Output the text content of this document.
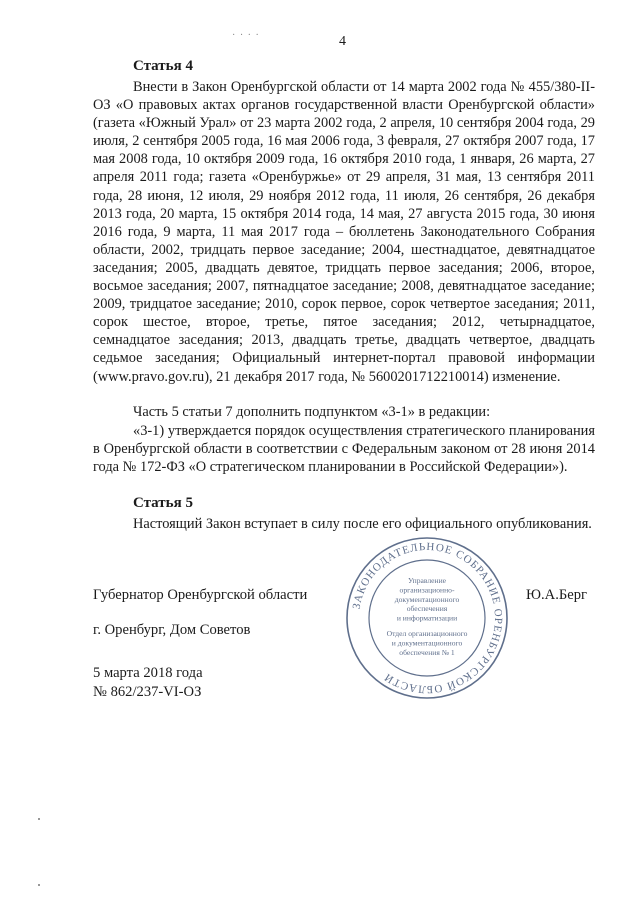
· · · ·	4
Статья 4

Внести в Закон Оренбургской области от 14 марта 2002 года № 455/380-II-ОЗ «О правовых актах органов государственной власти Оренбургской области» (газета «Южный Урал» от 23 марта 2002 года, 2 апреля, 10 сентября 2004 года, 29 июля, 2 сентября 2005 года, 16 мая 2006 года, 3 февраля, 27 октября 2007 года, 17 мая 2008 года, 10 октября 2009 года, 16 октября 2010 года, 1 января, 26 марта, 27 апреля 2011 года; газета «Оренбуржье» от 29 апреля, 31 мая, 13 сентября 2011 года, 28 июня, 12 июля, 29 ноября 2012 года, 11 июля, 26 сентября, 26 декабря 2013 года, 20 марта, 15 октября 2014 года, 14 мая, 27 августа 2015 года, 30 июня 2016 года, 9 марта, 11 мая 2017 года – бюллетень Законодательного Собрания области, 2002, тридцать первое заседание; 2004, шестнадцатое, девятнадцатое заседания; 2005, двадцать девятое, тридцать первое заседания; 2006, второе, восьмое заседания; 2007, пятнадцатое заседание; 2008, девятнадцатое заседание; 2009, тридцатое заседание; 2010, сорок первое, сорок четвертое заседания; 2011, сорок шестое, второе, третье, пятое заседания; 2012, четырнадцатое, семнадцатое заседания; 2013, двадцать третье, двадцать четвертое, двадцать седьмое заседания; Официальный интернет-портал правовой информации (www.pravo.gov.ru), 21 декабря 2017 года, № 5600201712210014) изменение.

Часть 5 статьи 7 дополнить подпунктом «3-1» в редакции:

«3-1) утверждается порядок осуществления стратегического планирования в Оренбургской области в соответствии с Федеральным законом от 28 июня 2014 года № 172-ФЗ «О стратегическом планировании в Российской Федерации»).

Статья 5

Настоящий Закон вступает в силу после его официального опубликования.

Губернатор Оренбургской области	Ю.А.Берг
г. Оренбург, Дом Советов
5 марта 2018 года
№ 862/237-VI-ОЗ
ЗАКОНОДАТЕЛЬНОЕ СОБРАНИЕ ОРЕНБУРГСКОЙ ОБЛАСТИ
Управление
организационно-
документационного
обеспечения
и информатизации
Отдел организационного
и документационного
обеспечения № 1
